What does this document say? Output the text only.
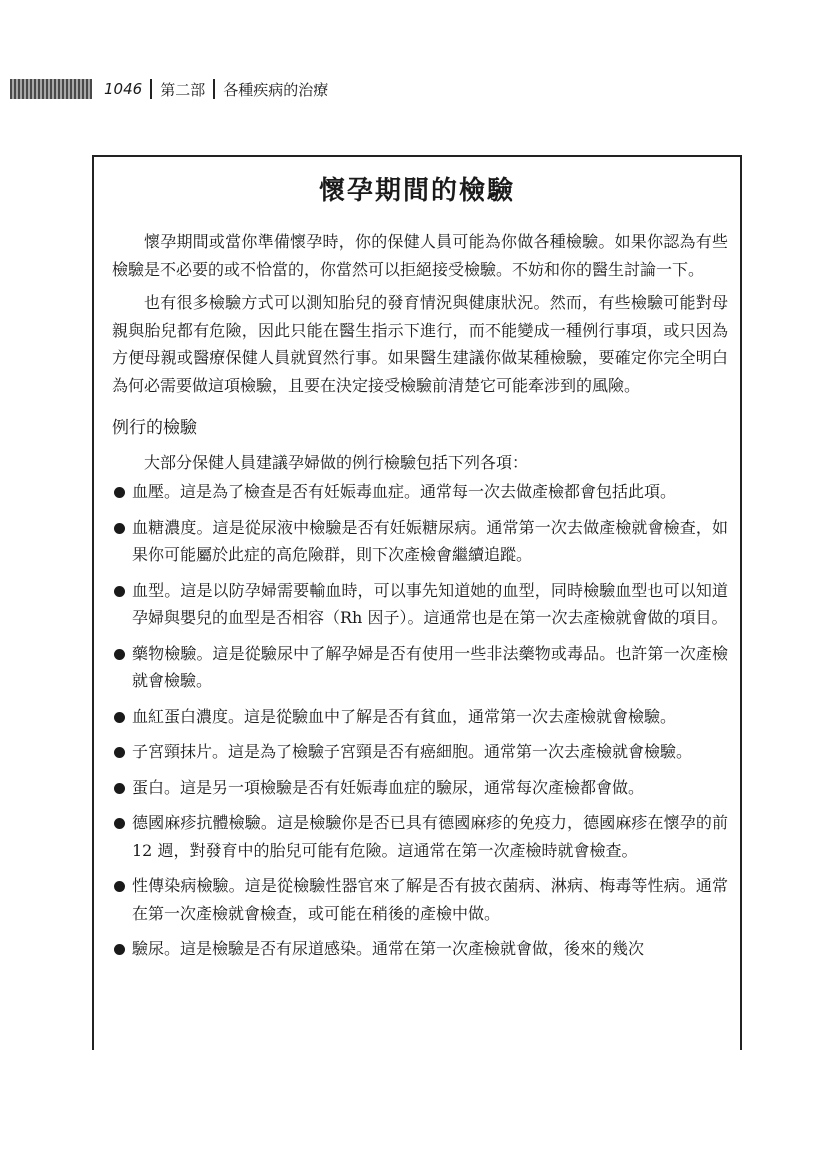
1046 第二部 各種疾病的治療
懷孕期間的檢驗

懷孕期間或當你準備懷孕時，你的保健人員可能為你做各種檢驗。如果你認為有些檢驗是不必要的或不恰當的，你當然可以拒絕接受檢驗。不妨和你的醫生討論一下。

也有很多檢驗方式可以測知胎兒的發育情況與健康狀況。然而，有些檢驗可能對母親與胎兒都有危險，因此只能在醫生指示下進行，而不能變成一種例行事項，或只因為方便母親或醫療保健人員就貿然行事。如果醫生建議你做某種檢驗，要確定你完全明白為何必需要做這項檢驗，且要在決定接受檢驗前清楚它可能牽涉到的風險。

例行的檢驗

大部分保健人員建議孕婦做的例行檢驗包括下列各項：

血壓。這是為了檢查是否有妊娠毒血症。通常每一次去做產檢都會包括此項。
血糖濃度。這是從尿液中檢驗是否有妊娠糖尿病。通常第一次去做產檢就會檢查，如果你可能屬於此症的高危險群，則下次產檢會繼續追蹤。
血型。這是以防孕婦需要輸血時，可以事先知道她的血型，同時檢驗血型也可以知道孕婦與嬰兒的血型是否相容（Rh 因子）。這通常也是在第一次去產檢就會做的項目。
藥物檢驗。這是從驗尿中了解孕婦是否有使用一些非法藥物或毒品。也許第一次產檢就會檢驗。
血紅蛋白濃度。這是從驗血中了解是否有貧血，通常第一次去產檢就會檢驗。
子宮頸抹片。這是為了檢驗子宮頸是否有癌細胞。通常第一次去產檢就會檢驗。
蛋白。這是另一項檢驗是否有妊娠毒血症的驗尿，通常每次產檢都會做。
德國麻疹抗體檢驗。這是檢驗你是否已具有德國麻疹的免疫力，德國麻疹在懷孕的前 12 週，對發育中的胎兒可能有危險。這通常在第一次產檢時就會檢查。
性傳染病檢驗。這是從檢驗性器官來了解是否有披衣菌病、淋病、梅毒等性病。通常在第一次產檢就會檢查，或可能在稍後的產檢中做。
驗尿。這是檢驗是否有尿道感染。通常在第一次產檢就會做，後來的幾次
